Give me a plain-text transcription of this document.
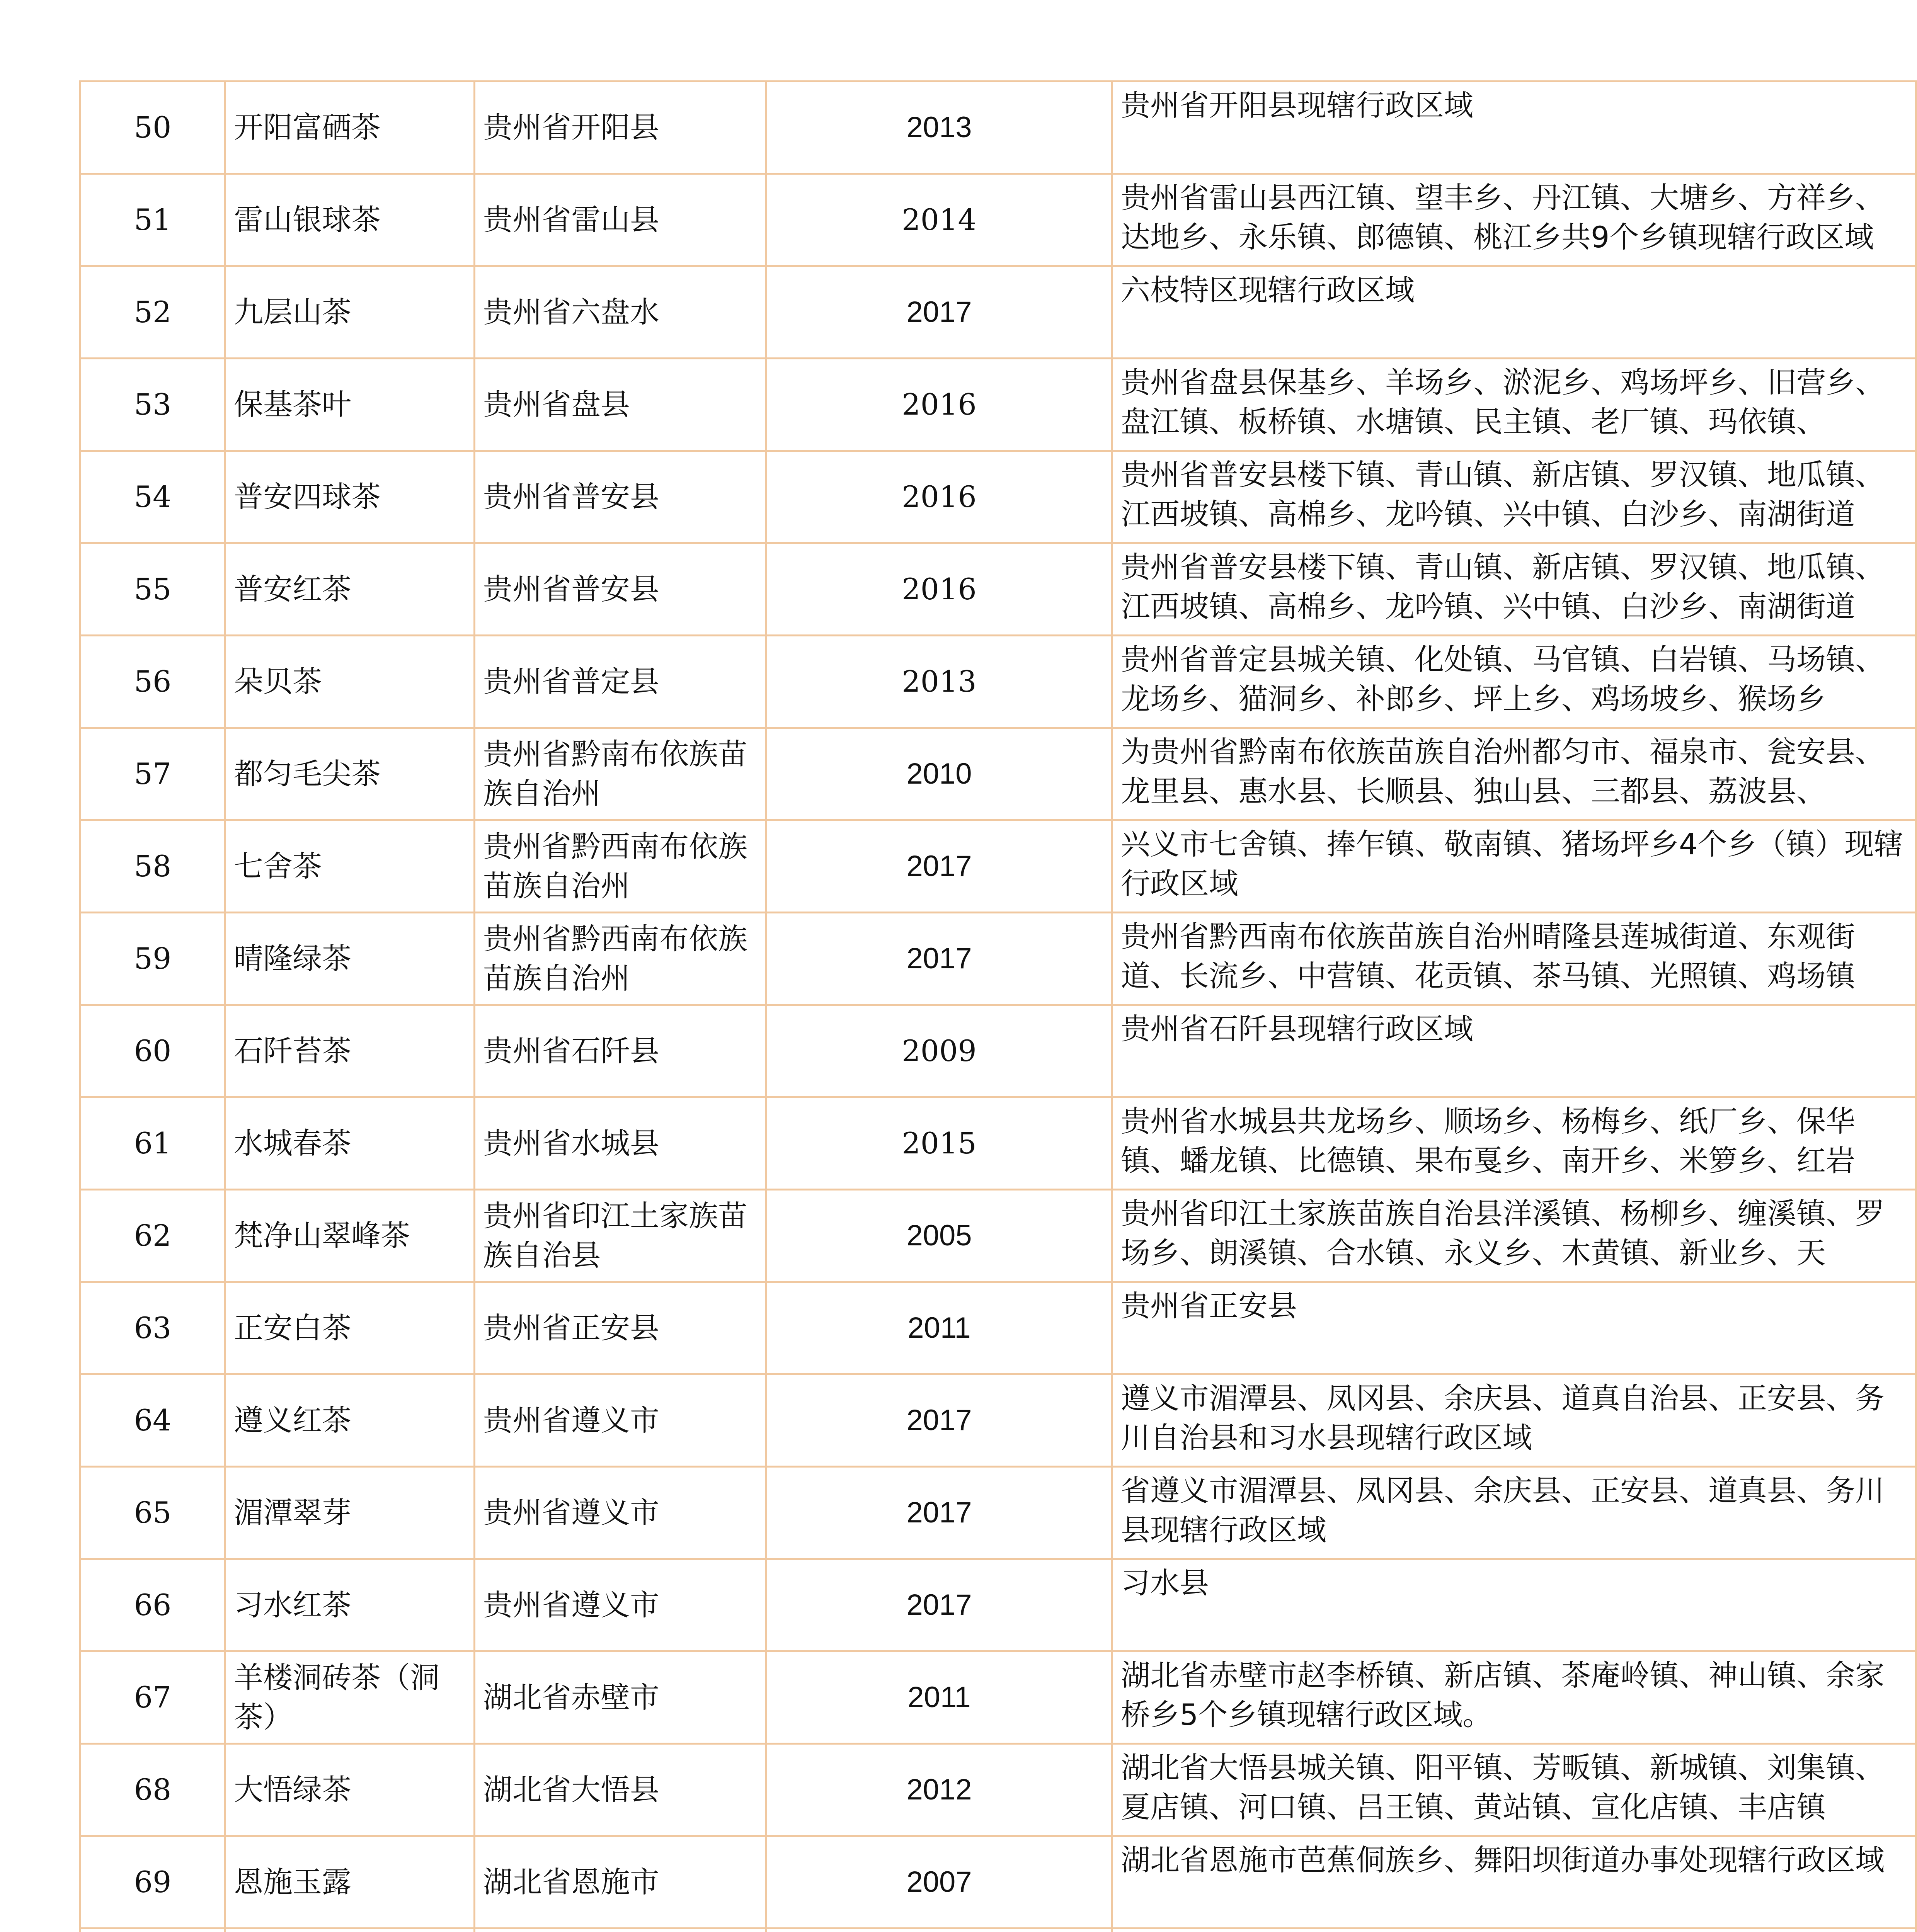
50	开阳富硒茶	贵州省开阳县	2013	贵州省开阳县现辖行政区域

51	雷山银球茶	贵州省雷山县	2014	贵州省雷山县西江镇、望丰乡、丹江镇、大塘乡、方祥乡、达地乡、永乐镇、郎德镇、桃江乡共9个乡镇现辖行政区域

52	九层山茶	贵州省六盘水	2017	六枝特区现辖行政区域

53	保基茶叶	贵州省盘县	2016	贵州省盘县保基乡、羊场乡、淤泥乡、鸡场坪乡、旧营乡、盘江镇、板桥镇、水塘镇、民主镇、老厂镇、玛依镇、

54	普安四球茶	贵州省普安县	2016	贵州省普安县楼下镇、青山镇、新店镇、罗汉镇、地瓜镇、江西坡镇、高棉乡、龙吟镇、兴中镇、白沙乡、南湖街道

55	普安红茶	贵州省普安县	2016	贵州省普安县楼下镇、青山镇、新店镇、罗汉镇、地瓜镇、江西坡镇、高棉乡、龙吟镇、兴中镇、白沙乡、南湖街道

56	朵贝茶	贵州省普定县	2013	贵州省普定县城关镇、化处镇、马官镇、白岩镇、马场镇、龙场乡、猫洞乡、补郎乡、坪上乡、鸡场坡乡、猴场乡

57	都匀毛尖茶	贵州省黔南布依族苗族自治州	2010	为贵州省黔南布依族苗族自治州都匀市、福泉市、瓮安县、龙里县、惠水县、长顺县、独山县、三都县、荔波县、

58	七舍茶	贵州省黔西南布依族苗族自治州	2017	兴义市七舍镇、捧乍镇、敬南镇、猪场坪乡4个乡（镇）现辖行政区域

59	晴隆绿茶	贵州省黔西南布依族苗族自治州	2017	贵州省黔西南布依族苗族自治州晴隆县莲城街道、东观街道、长流乡、中营镇、花贡镇、茶马镇、光照镇、鸡场镇

60	石阡苔茶	贵州省石阡县	2009	贵州省石阡县现辖行政区域

61	水城春茶	贵州省水城县	2015	贵州省水城县共龙场乡、顺场乡、杨梅乡、纸厂乡、保华镇、蟠龙镇、比德镇、果布戛乡、南开乡、米箩乡、红岩

62	梵净山翠峰茶	贵州省印江土家族苗族自治县	2005	贵州省印江土家族苗族自治县洋溪镇、杨柳乡、缠溪镇、罗场乡、朗溪镇、合水镇、永义乡、木黄镇、新业乡、天

63	正安白茶	贵州省正安县	2011	贵州省正安县

64	遵义红茶	贵州省遵义市	2017	遵义市湄潭县、凤冈县、余庆县、道真自治县、正安县、务川自治县和习水县现辖行政区域

65	湄潭翠芽	贵州省遵义市	2017	省遵义市湄潭县、凤冈县、余庆县、正安县、道真县、务川县现辖行政区域

66	习水红茶	贵州省遵义市	2017	习水县

67	羊楼洞砖茶（洞茶）	湖北省赤壁市	2011	湖北省赤壁市赵李桥镇、新店镇、茶庵岭镇、神山镇、余家桥乡5个乡镇现辖行政区域。

68	大悟绿茶	湖北省大悟县	2012	湖北省大悟县城关镇、阳平镇、芳畈镇、新城镇、刘集镇、夏店镇、河口镇、吕王镇、黄站镇、宣化店镇、丰店镇

69	恩施玉露	湖北省恩施市	2007	湖北省恩施市芭蕉侗族乡、舞阳坝街道办事处现辖行政区域
